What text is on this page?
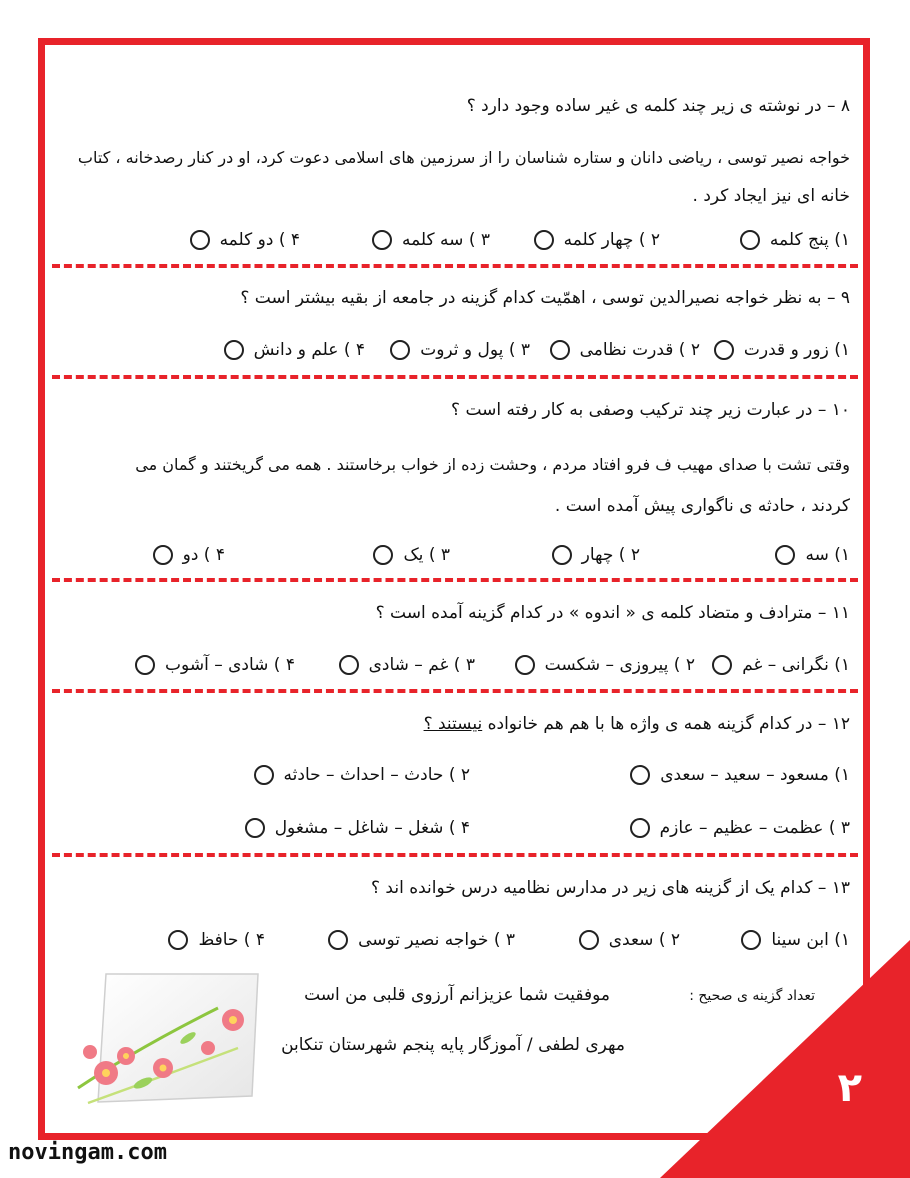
۸ – در نوشته ی زیر چند کلمه ی غیر ساده وجود دارد ؟
خواجه نصیر توسی ، ریاضی دانان و ستاره شناسان را از سرزمین های اسلامی دعوت کرد، او در کنار رصدخانه ، کتاب
خانه ای نیز ایجاد کرد .
۱) پنج کلمه
۲ ) چهار کلمه
۳ ) سه کلمه
۴ ) دو کلمه
۹ – به نظر خواجه نصیرالدین توسی ، اهمّیت کدام گزینه در جامعه از بقیه بیشتر است ؟
۱) زور و قدرت
۲ ) قدرت نظامی
۳ ) پول و ثروت
۴ ) علم و دانش
۱۰ – در عبارت زیر چند ترکیب وصفی به کار رفته است ؟
وقتی تشت با صدای مهیب ف فرو افتاد مردم ، وحشت زده از خواب برخاستند . همه می گریختند و گمان می
کردند ، حادثه ی ناگواری پیش آمده است .
۱) سه
۲ ) چهار
۳ ) یک
۴ ) دو
۱۱ – مترادف و متضاد کلمه ی « اندوه » در کدام گزینه آمده است ؟
۱) نگرانی – غم
۲ ) پیروزی – شکست
۳ ) غم – شادی
۴ ) شادی – آشوب
۱۲ – در کدام گزینه همه ی واژه ها با هم هم خانواده نیستند ؟
۱) مسعود – سعید – سعدی
۲ ) حادث – احداث – حادثه
۳ ) عظمت – عظیم – عازم
۴ ) شغل – شاغل – مشغول
۱۳ – کدام یک از گزینه های زیر در مدارس نظامیه درس خوانده اند ؟
۱) ابن سینا
۲ ) سعدی
۳ ) خواجه نصیر توسی
۴ ) حافظ
تعداد گزینه ی صحیح :
موفقیت شما عزیزانم آرزوی قلبی من است
مهری لطفی / آموزگار پایه پنجم شهرستان تنکابن
۲
novingam.com
